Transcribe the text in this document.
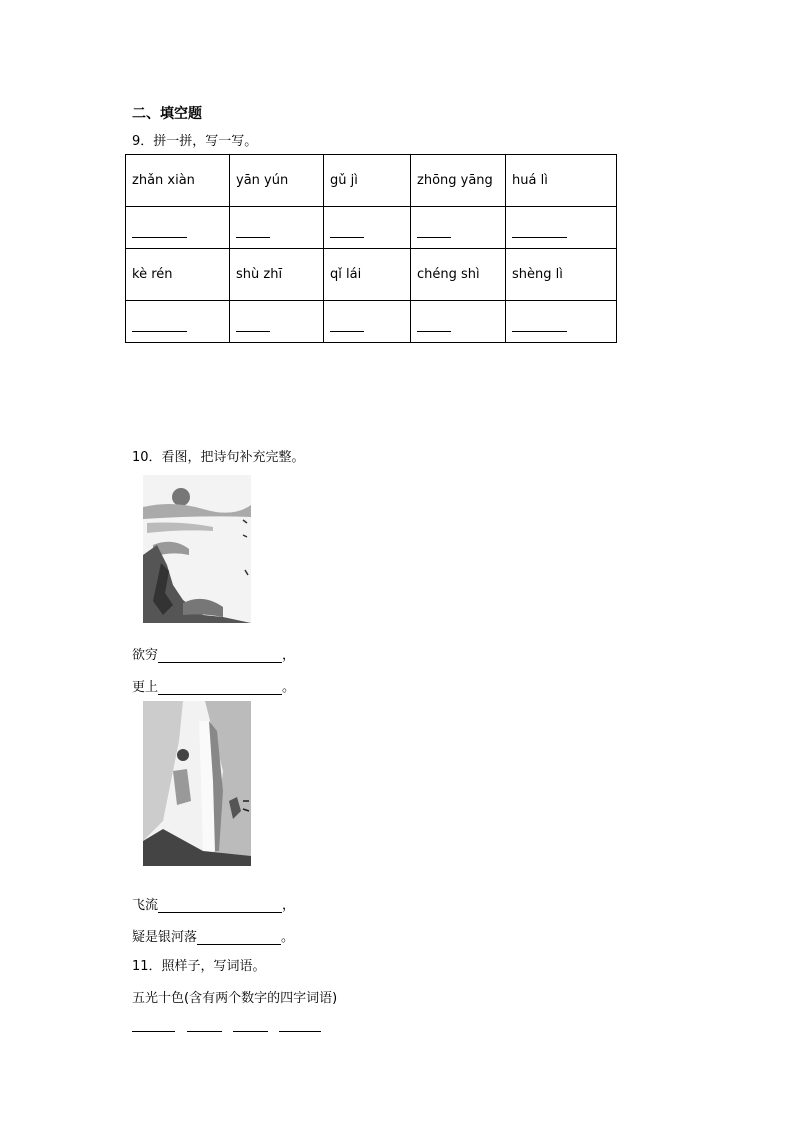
二、填空题
9．拼一拼，写一写。
zhǎn xiàn	yān yún	gǔ jì	zhōng yāng	huá lì

kè rén	shù zhī	qǐ lái	chéng shì	shèng lì

10．看图，把诗句补充完整。
欲穷	，
更上	。
飞流	，
疑是银河落	。
11．照样子，写词语。
五光十色(含有两个数字的四字词语)
